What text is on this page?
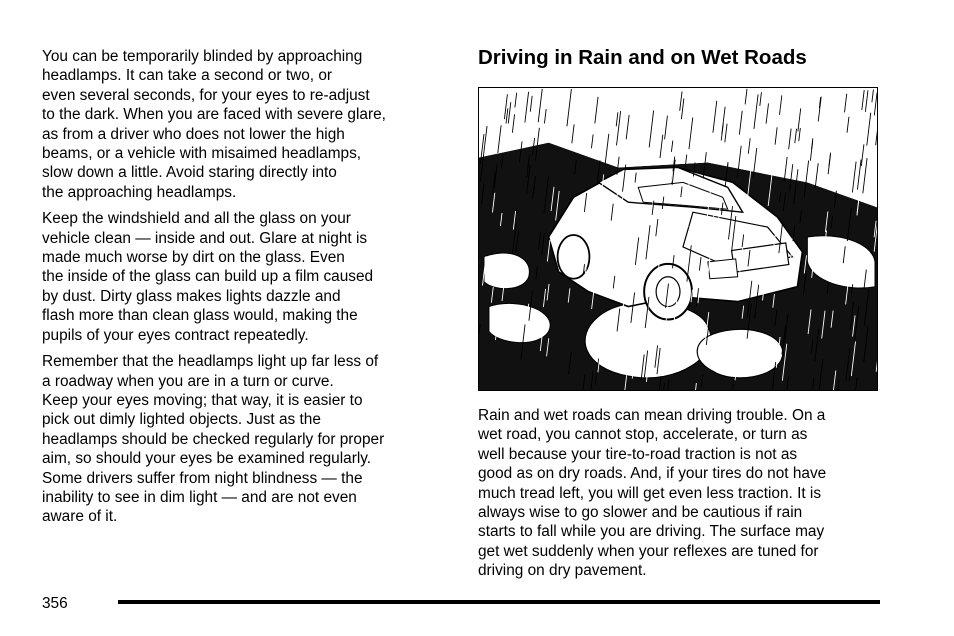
You can be temporarily blinded by approaching
headlamps. It can take a second or two, or
even several seconds, for your eyes to re-adjust
to the dark. When you are faced with severe glare,
as from a driver who does not lower the high
beams, or a vehicle with misaimed headlamps,
slow down a little. Avoid staring directly into
the approaching headlamps.
Keep the windshield and all the glass on your
vehicle clean — inside and out. Glare at night is
made much worse by dirt on the glass. Even
the inside of the glass can build up a film caused
by dust. Dirty glass makes lights dazzle and
flash more than clean glass would, making the
pupils of your eyes contract repeatedly.
Remember that the headlamps light up far less of
a roadway when you are in a turn or curve.
Keep your eyes moving; that way, it is easier to
pick out dimly lighted objects. Just as the
headlamps should be checked regularly for proper
aim, so should your eyes be examined regularly.
Some drivers suffer from night blindness — the
inability to see in dim light — and are not even
aware of it.
Driving in Rain and on Wet Roads
Rain and wet roads can mean driving trouble. On a
wet road, you cannot stop, accelerate, or turn as
well because your tire-to-road traction is not as
good as on dry roads. And, if your tires do not have
much tread left, you will get even less traction. It is
always wise to go slower and be cautious if rain
starts to fall while you are driving. The surface may
get wet suddenly when your reflexes are tuned for
driving on dry pavement.
356
